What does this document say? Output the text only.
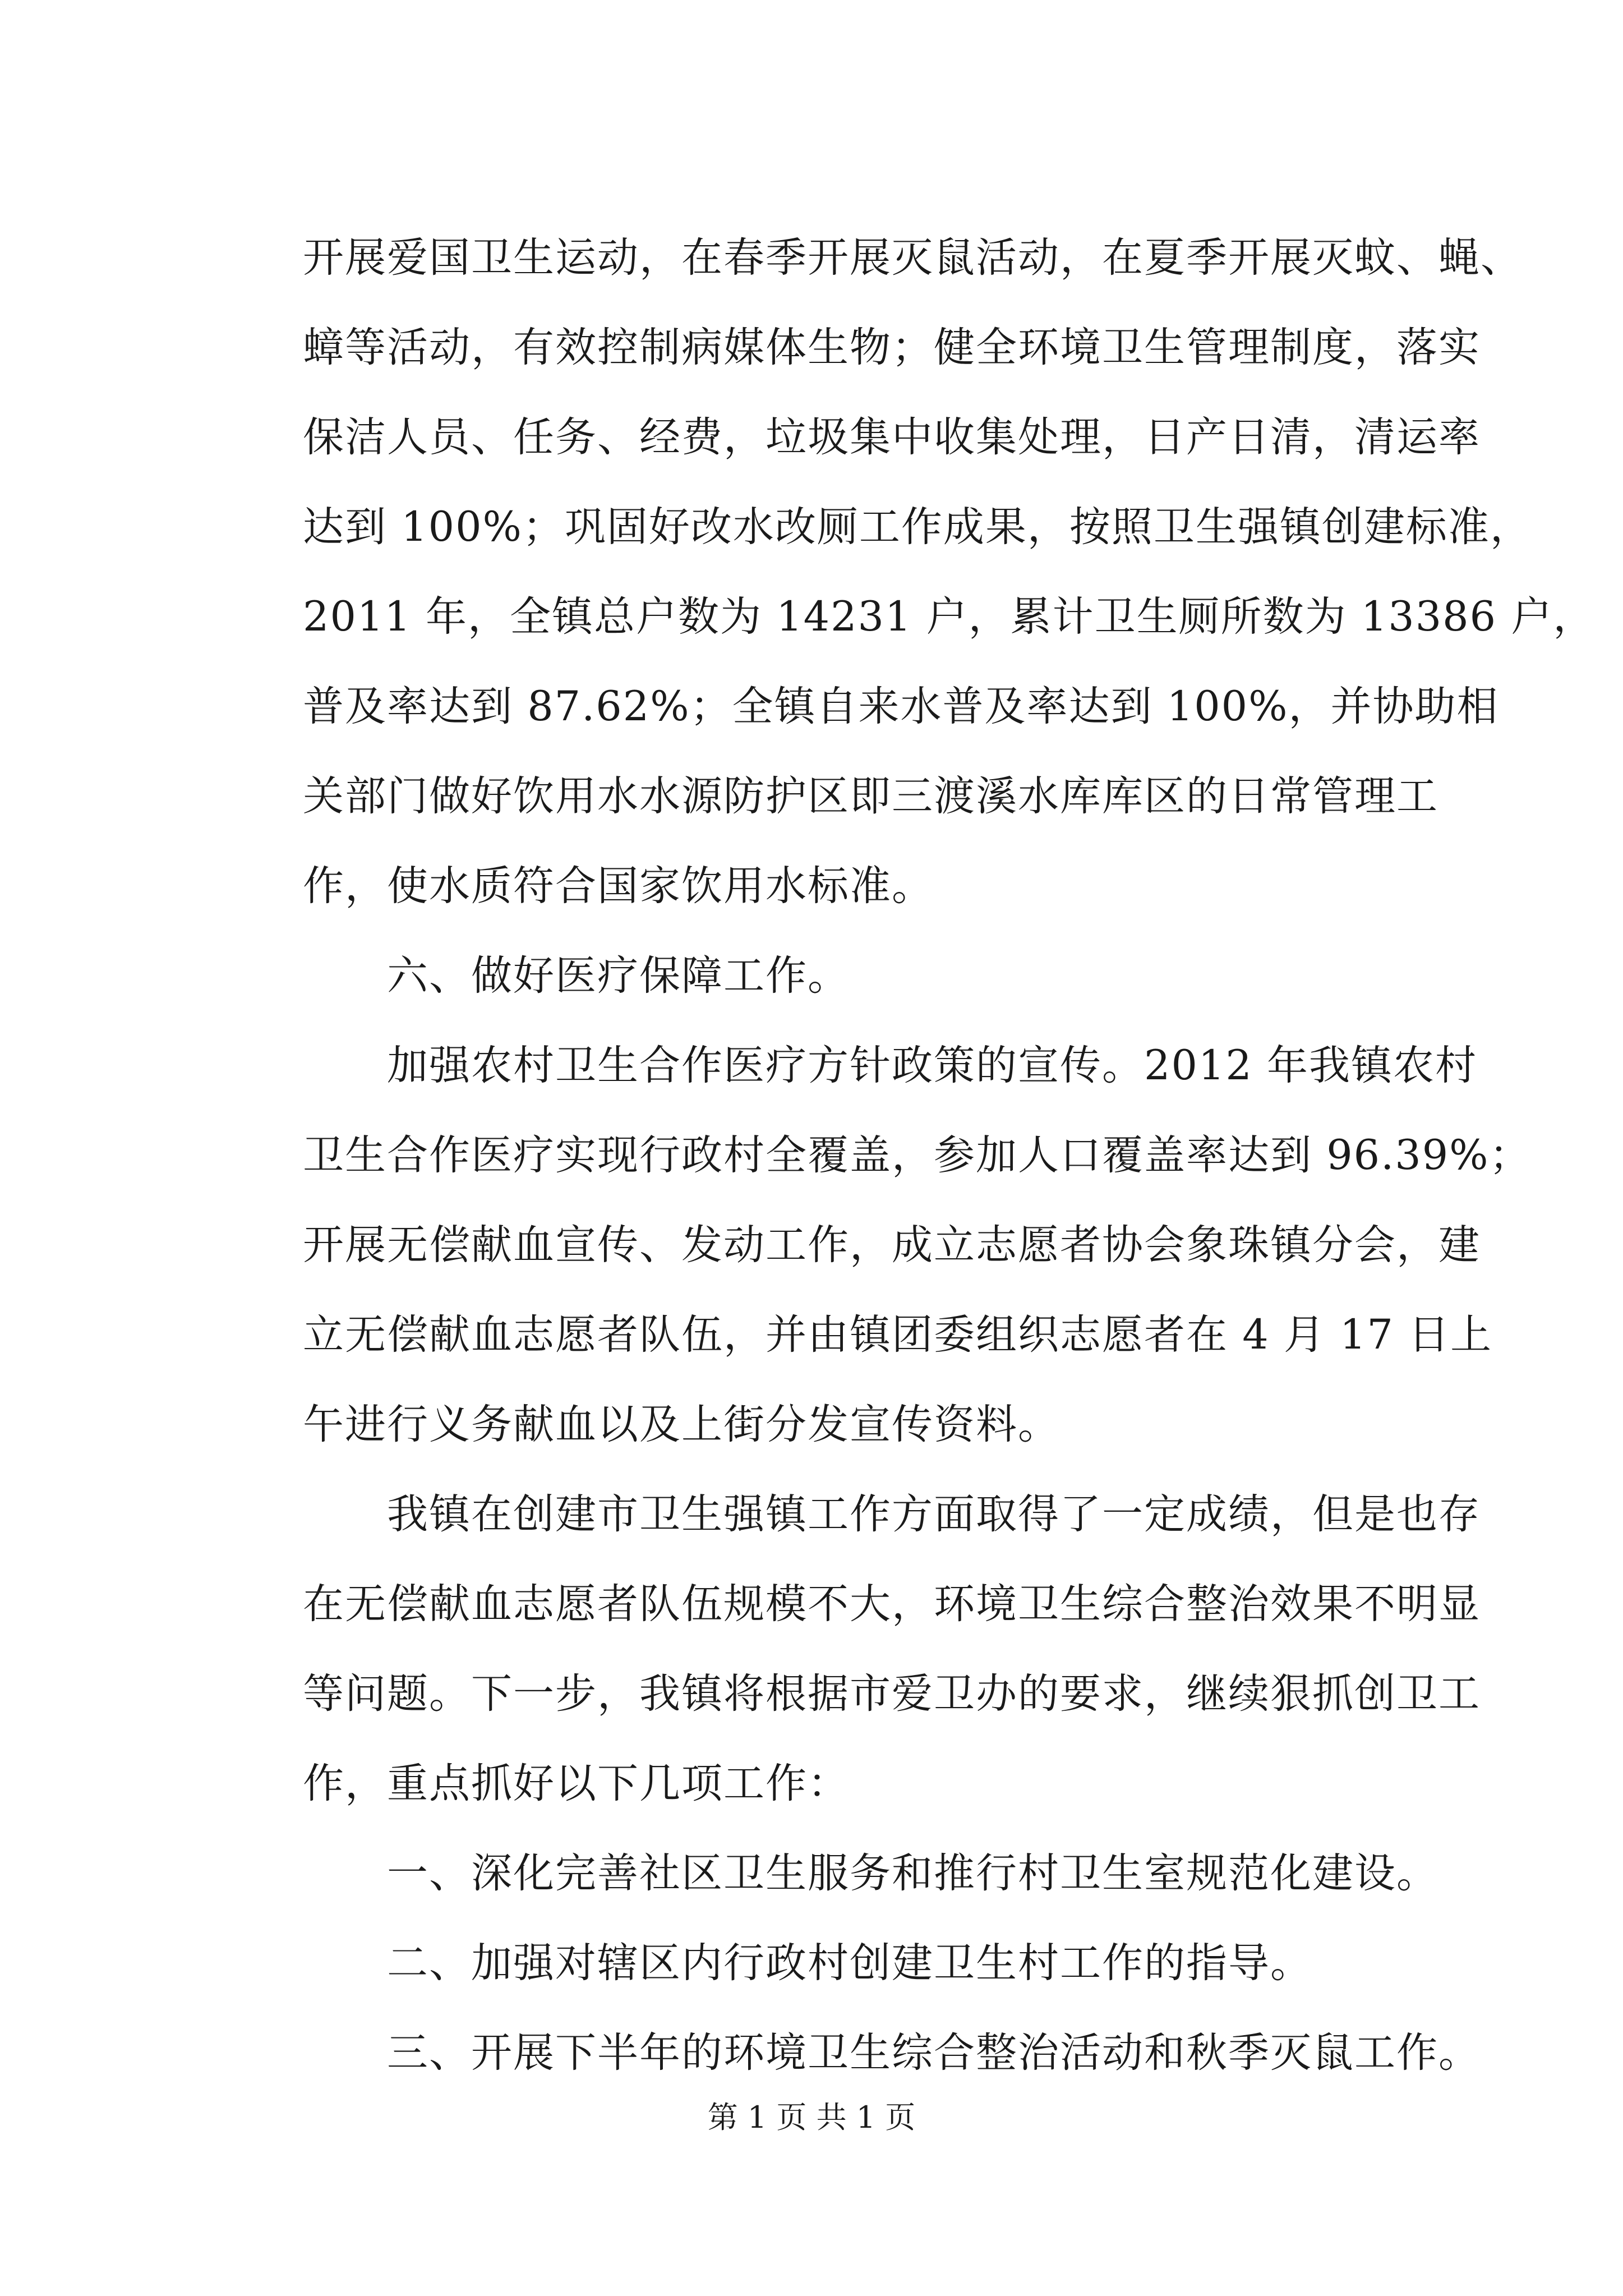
开展爱国卫生运动，在春季开展灭鼠活动，在夏季开展灭蚊、蝇、
蟑等活动，有效控制病媒体生物；健全环境卫生管理制度，落实
保洁人员、任务、经费，垃圾集中收集处理，日产日清，清运率
达到 100%；巩固好改水改厕工作成果，按照卫生强镇创建标准，
2011 年，全镇总户数为 14231 户，累计卫生厕所数为 13386 户，
普及率达到 87.62%；全镇自来水普及率达到 100%，并协助相
关部门做好饮用水水源防护区即三渡溪水库库区的日常管理工
作，使水质符合国家饮用水标准。
六、做好医疗保障工作。
加强农村卫生合作医疗方针政策的宣传。2012 年我镇农村
卫生合作医疗实现行政村全覆盖，参加人口覆盖率达到 96.39%；
开展无偿献血宣传、发动工作，成立志愿者协会象珠镇分会，建
立无偿献血志愿者队伍，并由镇团委组织志愿者在 4 月 17 日上
午进行义务献血以及上街分发宣传资料。
我镇在创建市卫生强镇工作方面取得了一定成绩，但是也存
在无偿献血志愿者队伍规模不大，环境卫生综合整治效果不明显
等问题。下一步，我镇将根据市爱卫办的要求，继续狠抓创卫工
作，重点抓好以下几项工作：
一、深化完善社区卫生服务和推行村卫生室规范化建设。
二、加强对辖区内行政村创建卫生村工作的指导。
三、开展下半年的环境卫生综合整治活动和秋季灭鼠工作。
第 1 页 共 1 页
